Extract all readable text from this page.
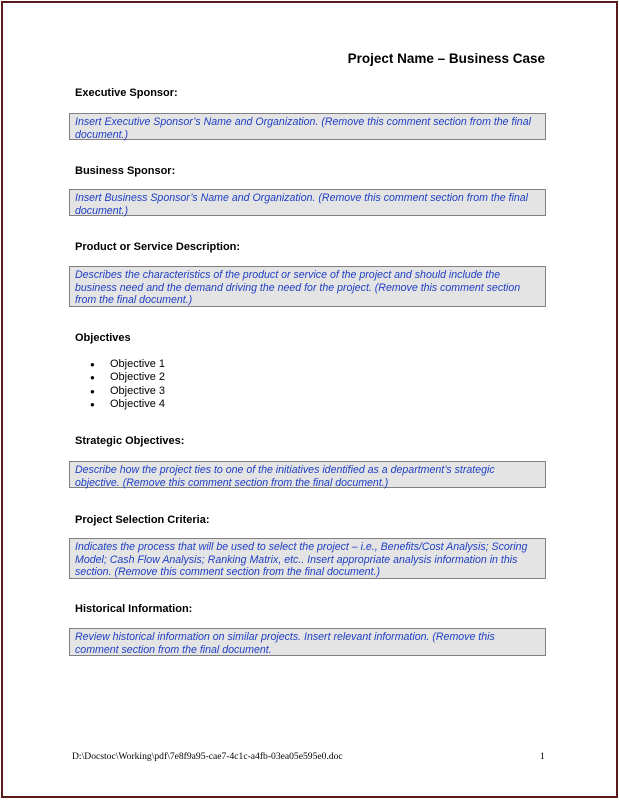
Project Name – Business Case
Executive Sponsor:
Insert Executive Sponsor’s Name and Organization. (Remove this comment section from the final document.)
Business Sponsor:
Insert Business Sponsor’s Name and Organization. (Remove this comment section from the final document.)
Product or Service Description:
Describes the characteristics of the product or service of the project and should include the business need and the demand driving the need for the project. (Remove this comment section from the final document.)
Objectives
● Objective 1
● Objective 2
● Objective 3
● Objective 4
Strategic Objectives:
Describe how the project ties to one of the initiatives identified as a department’s strategic objective. (Remove this comment section from the final document.)
Project Selection Criteria:
Indicates the process that will be used to select the project – i.e., Benefits/Cost Analysis; Scoring Model; Cash Flow Analysis; Ranking Matrix, etc.. Insert appropriate analysis information in this section. (Remove this comment section from the final document.)
Historical Information:
Review historical information on similar projects. Insert relevant information. (Remove this comment section from the final document.
D:\Docstoc\Working\pdf\7e8f9a95-cae7-4c1c-a4fb-03ea05e595e0.doc	1
